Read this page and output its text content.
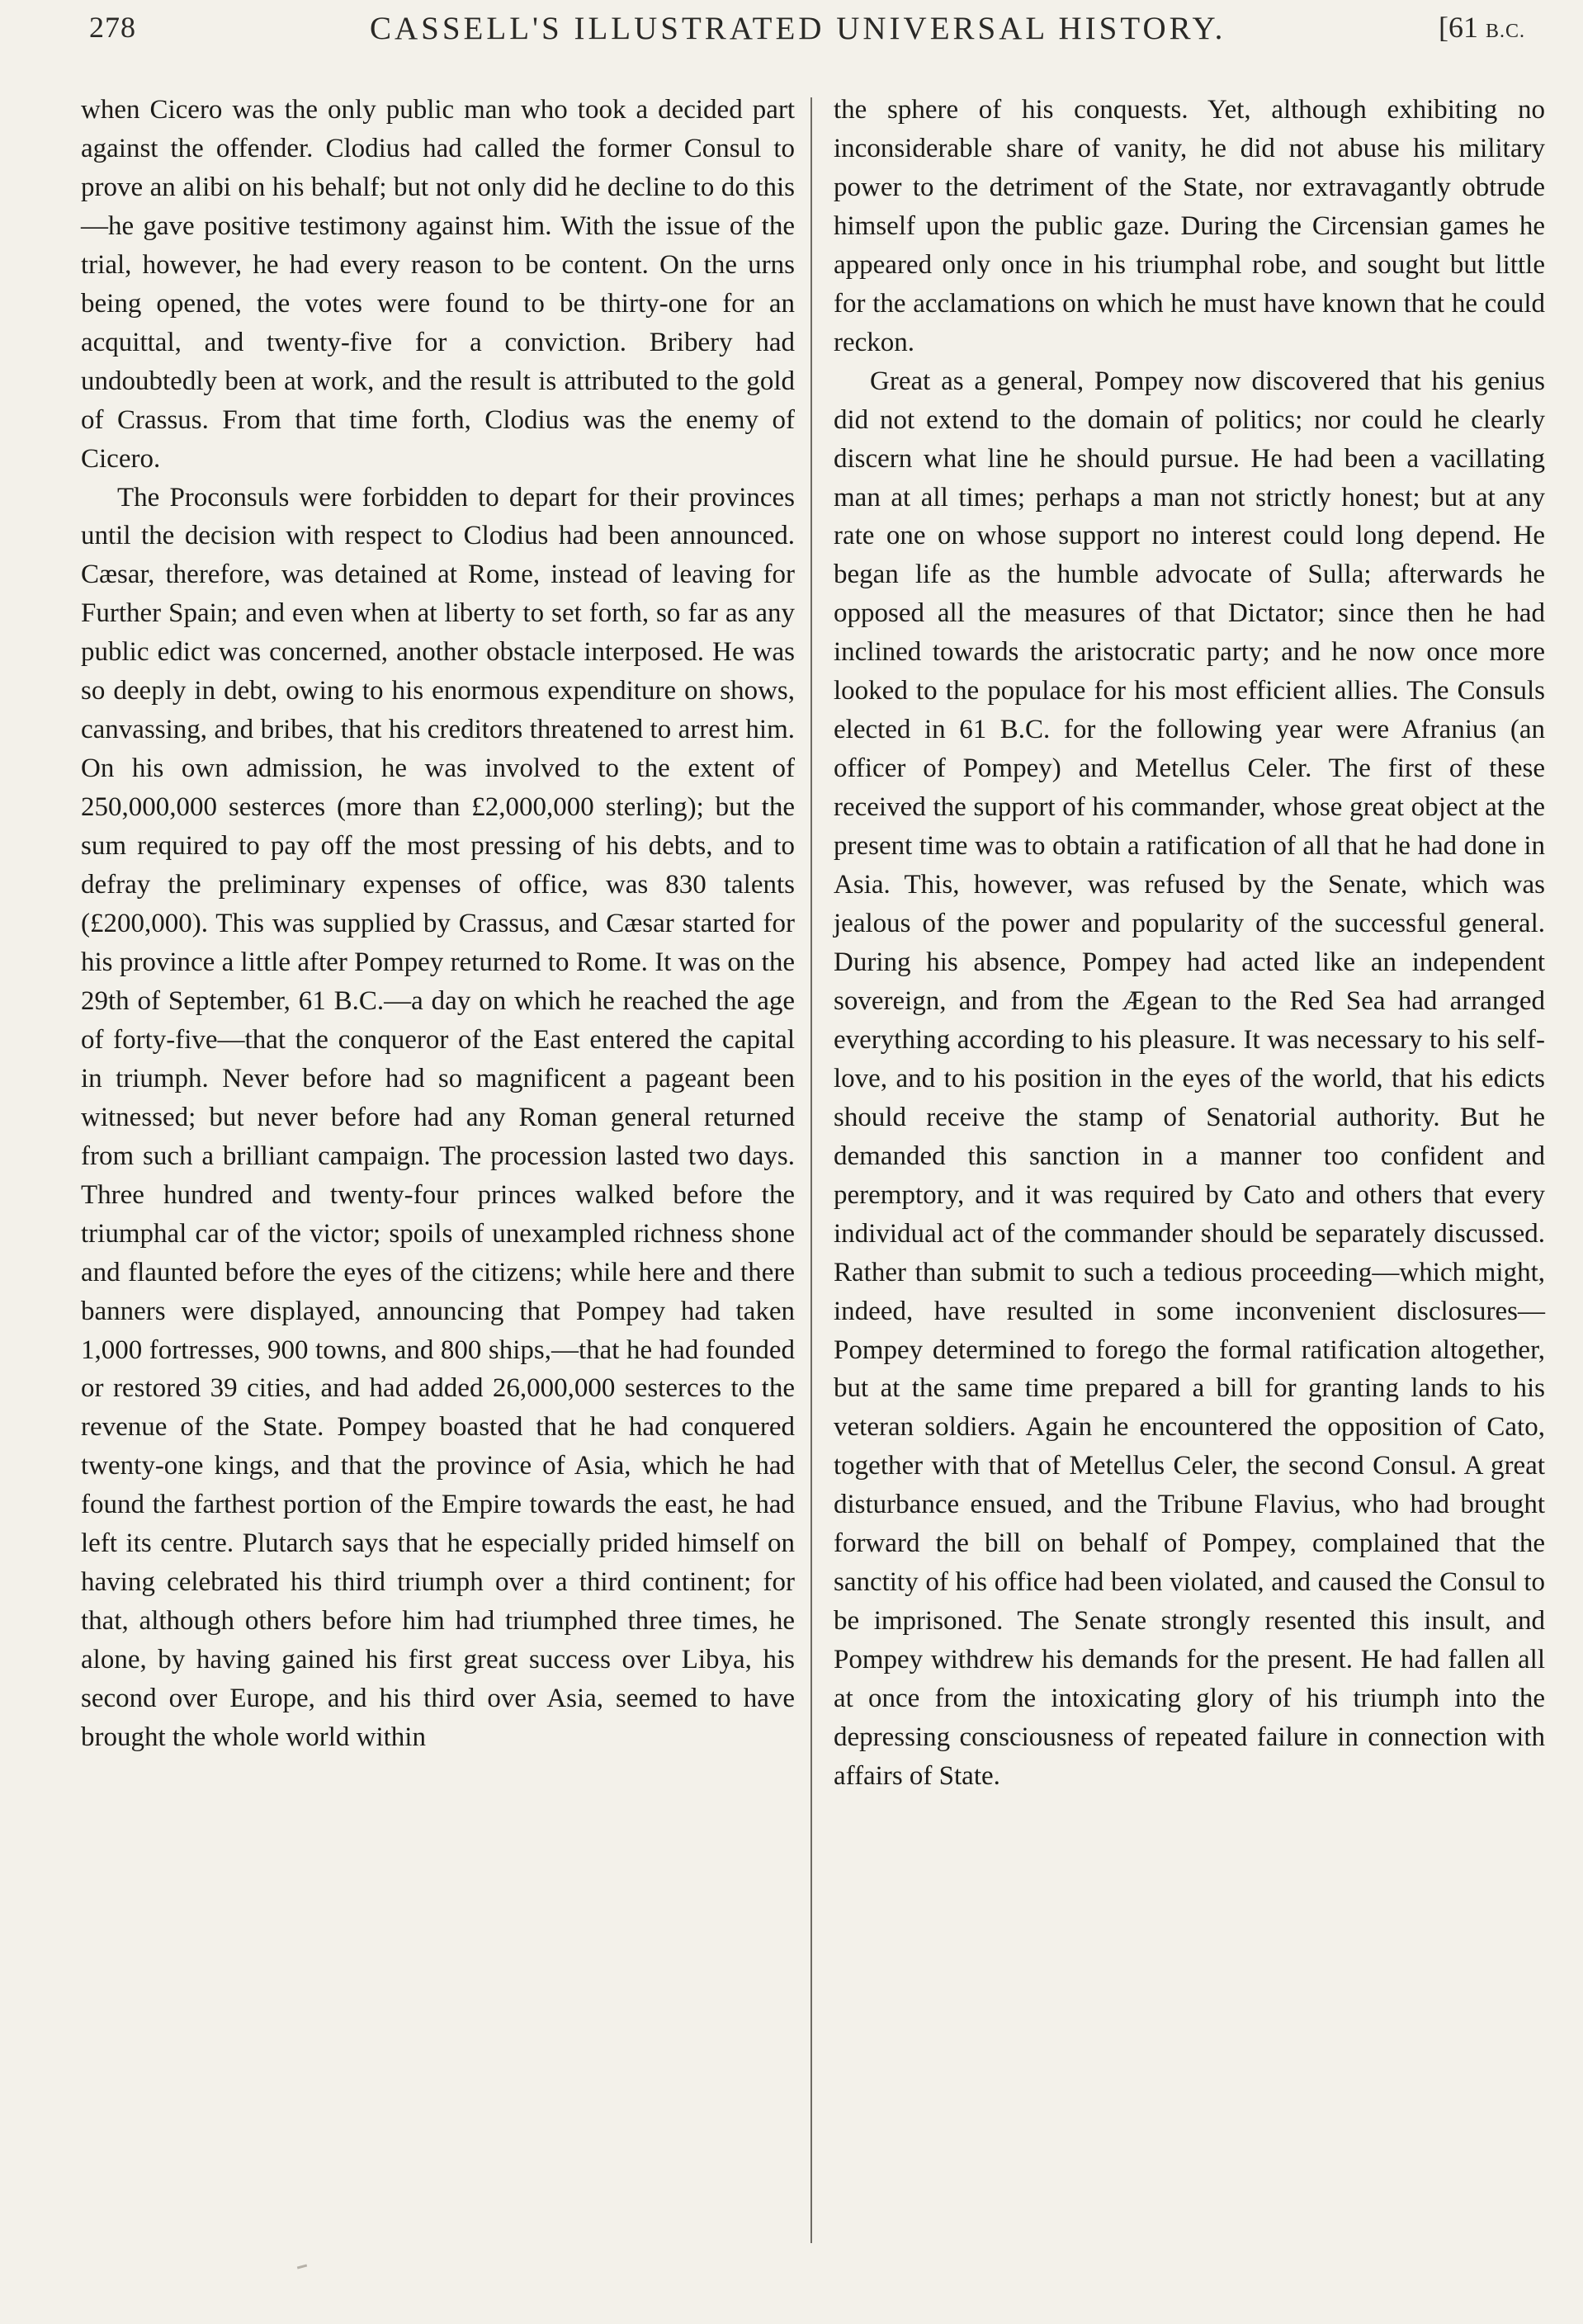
278	CASSELL'S ILLUSTRATED UNIVERSAL HISTORY.	[61 B.C.

when Cicero was the only public man who took a decided part against the offender. Clodius had called the former Consul to prove an alibi on his behalf; but not only did he decline to do this—he gave positive testimony against him. With the issue of the trial, however, he had every reason to be content. On the urns being opened, the votes were found to be thirty-one for an acquittal, and twenty-five for a conviction. Bribery had undoubtedly been at work, and the result is attributed to the gold of Crassus. From that time forth, Clodius was the enemy of Cicero.

The Proconsuls were forbidden to depart for their provinces until the decision with respect to Clodius had been announced. Cæsar, therefore, was detained at Rome, instead of leaving for Further Spain; and even when at liberty to set forth, so far as any public edict was concerned, another obstacle interposed. He was so deeply in debt, owing to his enormous expenditure on shows, canvassing, and bribes, that his creditors threatened to arrest him. On his own admission, he was involved to the extent of 250,000,000 sesterces (more than £2,000,000 sterling); but the sum required to pay off the most pressing of his debts, and to defray the preliminary expenses of office, was 830 talents (£200,000). This was supplied by Crassus, and Cæsar started for his province a little after Pompey returned to Rome. It was on the 29th of September, 61 B.C.—a day on which he reached the age of forty-five—that the conqueror of the East entered the capital in triumph. Never before had so magnificent a pageant been witnessed; but never before had any Roman general returned from such a brilliant campaign. The procession lasted two days. Three hundred and twenty-four princes walked before the triumphal car of the victor; spoils of unexampled richness shone and flaunted before the eyes of the citizens; while here and there banners were displayed, announcing that Pompey had taken 1,000 fortresses, 900 towns, and 800 ships,—that he had founded or restored 39 cities, and had added 26,000,000 sesterces to the revenue of the State. Pompey boasted that he had conquered twenty-one kings, and that the province of Asia, which he had found the farthest portion of the Empire towards the east, he had left its centre. Plutarch says that he especially prided himself on having celebrated his third triumph over a third continent; for that, although others before him had triumphed three times, he alone, by having gained his first great success over Libya, his second over Europe, and his third over Asia, seemed to have brought the whole world within

the sphere of his conquests. Yet, although exhibiting no inconsiderable share of vanity, he did not abuse his military power to the detriment of the State, nor extravagantly obtrude himself upon the public gaze. During the Circensian games he appeared only once in his triumphal robe, and sought but little for the acclamations on which he must have known that he could reckon.

Great as a general, Pompey now discovered that his genius did not extend to the domain of politics; nor could he clearly discern what line he should pursue. He had been a vacillating man at all times; perhaps a man not strictly honest; but at any rate one on whose support no interest could long depend. He began life as the humble advocate of Sulla; afterwards he opposed all the measures of that Dictator; since then he had inclined towards the aristocratic party; and he now once more looked to the populace for his most efficient allies. The Consuls elected in 61 B.C. for the following year were Afranius (an officer of Pompey) and Metellus Celer. The first of these received the support of his commander, whose great object at the present time was to obtain a ratification of all that he had done in Asia. This, however, was refused by the Senate, which was jealous of the power and popularity of the successful general. During his absence, Pompey had acted like an independent sovereign, and from the Ægean to the Red Sea had arranged everything according to his pleasure. It was necessary to his self-love, and to his position in the eyes of the world, that his edicts should receive the stamp of Senatorial authority. But he demanded this sanction in a manner too confident and peremptory, and it was required by Cato and others that every individual act of the commander should be separately discussed. Rather than submit to such a tedious proceeding—which might, indeed, have resulted in some inconvenient disclosures—Pompey determined to forego the formal ratification altogether, but at the same time prepared a bill for granting lands to his veteran soldiers. Again he encountered the opposition of Cato, together with that of Metellus Celer, the second Consul. A great disturbance ensued, and the Tribune Flavius, who had brought forward the bill on behalf of Pompey, complained that the sanctity of his office had been violated, and caused the Consul to be imprisoned. The Senate strongly resented this insult, and Pompey withdrew his demands for the present. He had fallen all at once from the intoxicating glory of his triumph into the depressing consciousness of repeated failure in connection with affairs of State.
